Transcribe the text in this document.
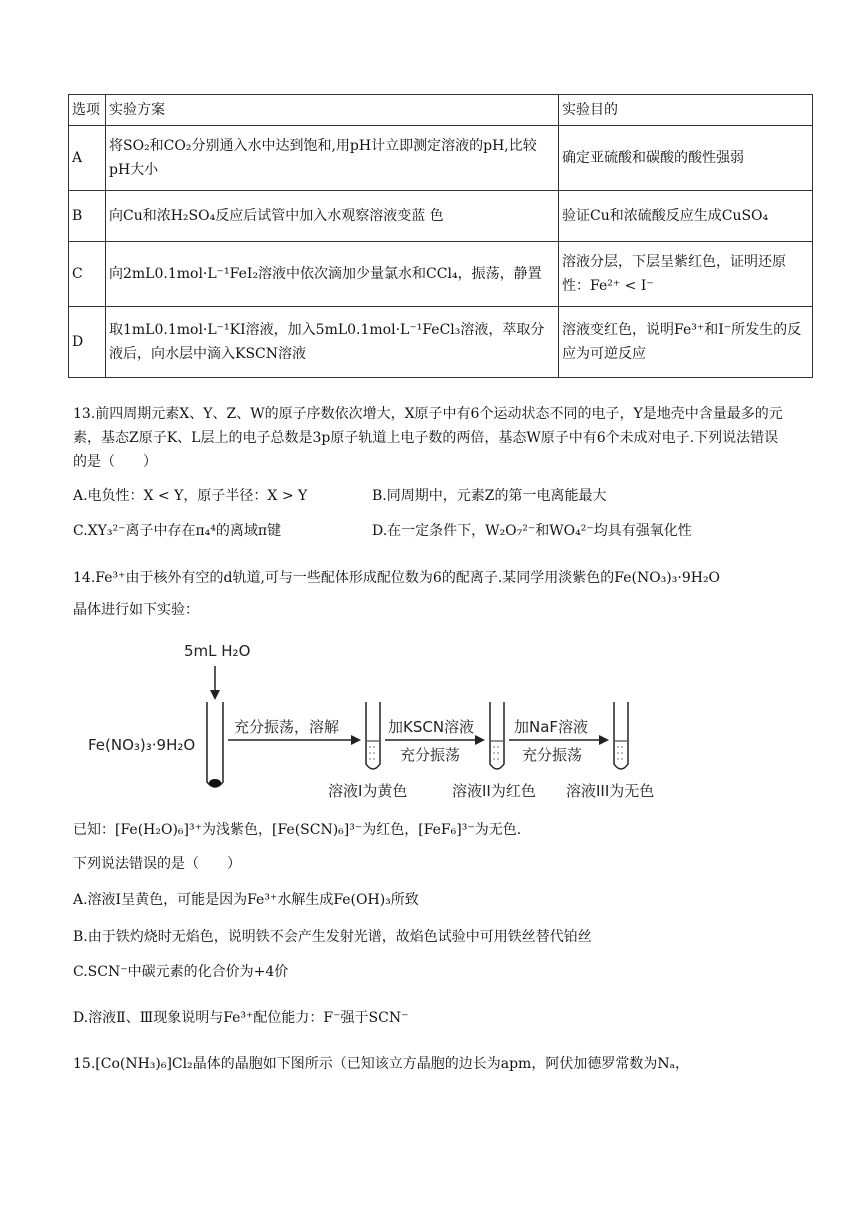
选项	实验方案	实验目的
A	将SO₂和CO₂分别通入水中达到饱和,用pH计立即测定溶液的pH,比较pH大小	确定亚硫酸和碳酸的酸性强弱
B	向Cu和浓H₂SO₄反应后试管中加入水观察溶液变蓝 色	验证Cu和浓硫酸反应生成CuSO₄
C	向2mL0.1mol·L⁻¹FeI₂溶液中依次滴加少量氯水和CCl₄，振荡，静置	溶液分层，下层呈紫红色，证明还原性：Fe²⁺ < I⁻
D	取1mL0.1mol·L⁻¹KI溶液，加入5mL0.1mol·L⁻¹FeCl₃溶液，萃取分液后，向水层中滴入KSCN溶液	溶液变红色，说明Fe³⁺和I⁻所发生的反应为可逆反应
13.前四周期元素X、Y、Z、W的原子序数依次增大，X原子中有6个运动状态不同的电子，Y是地壳中含量最多的元素，基态Z原子K、L层上的电子总数是3p原子轨道上电子数的两倍，基态W原子中有6个未成对电子.下列说法错误的是（　　）
A.电负性：X < Y，原子半径：X > Y	B.同周期中，元素Z的第一电离能最大
C.XY₃²⁻离子中存在π₄⁴的离域π键	D.在一定条件下，W₂O₇²⁻和WO₄²⁻均具有强氧化性
14.Fe³⁺由于核外有空的d轨道,可与一些配体形成配位数为6的配离子.某同学用淡紫色的Fe(NO₃)₃·9H₂O
晶体进行如下实验：
5mL H₂O
Fe(NO₃)₃·9H₂O
充分振荡，溶解	加KSCN溶液
充分振荡
加NaF溶液
充分振荡
溶液I为黄色	溶液II为红色 溶液III为无色
已知：[Fe(H₂O)₆]³⁺为浅紫色，[Fe(SCN)₆]³⁻为红色，[FeF₆]³⁻为无色.
下列说法错误的是（　　）
A.溶液Ⅰ呈黄色，可能是因为Fe³⁺水解生成Fe(OH)₃所致
B.由于铁灼烧时无焰色，说明铁不会产生发射光谱，故焰色试验中可用铁丝替代铂丝
C.SCN⁻中碳元素的化合价为+4价
D.溶液Ⅱ、Ⅲ现象说明与Fe³⁺配位能力：F⁻强于SCN⁻
15.[Co(NH₃)₆]Cl₂晶体的晶胞如下图所示（已知该立方晶胞的边长为apm，阿伏加德罗常数为Nₐ，
